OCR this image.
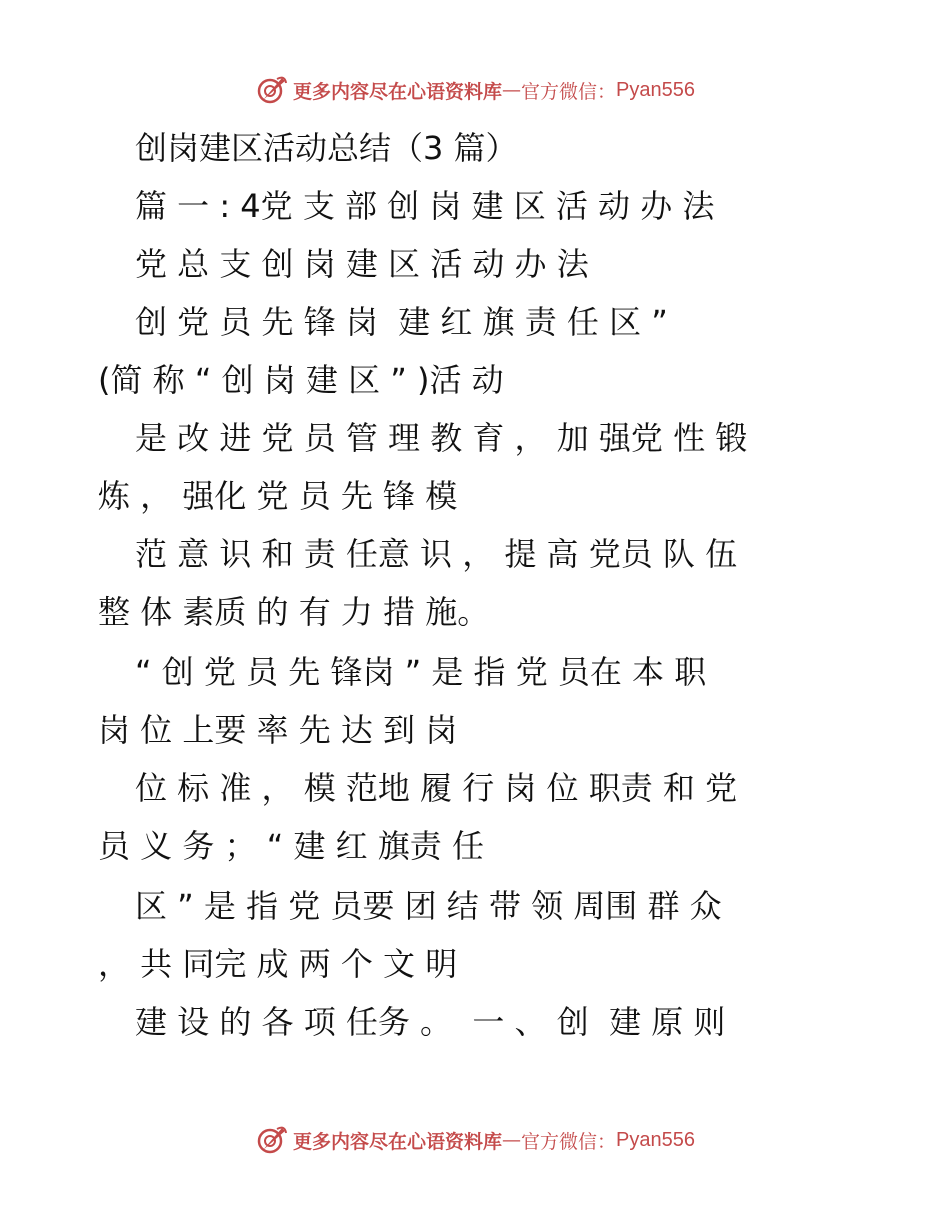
更多内容尽在心语资料库 — 官方微信： Pyan556
创岗建区活动总结（3 篇）
篇 一 : 4党 支 部 创 岗 建 区 活 动 办 法
党 总 支 创 岗 建 区 活 动 办 法
创 党 员 先 锋 岗  建 红 旗 责 任 区 ”
(简 称 “ 创 岗 建 区 ” )活 动
是 改 进 党 员 管 理 教 育 ， 加 强党 性 锻
炼 ， 强化 党 员 先 锋 模
范 意 识 和 责 任意 识 ， 提 高 党员 队 伍
整 体 素质 的 有 力 措 施。
“ 创 党 员 先 锋岗 ” 是 指 党 员在 本 职
岗 位 上要 率 先 达 到 岗
位 标 准 ， 模 范地 履 行 岗 位 职责 和 党
员 义 务 ； “ 建 红 旗责 任
区 ” 是 指 党 员要 团 结 带 领 周围 群 众
， 共 同完 成 两 个 文 明
建 设 的 各 项 任务 。  一 、 创  建 原 则
更多内容尽在心语资料库 — 官方微信： Pyan556
